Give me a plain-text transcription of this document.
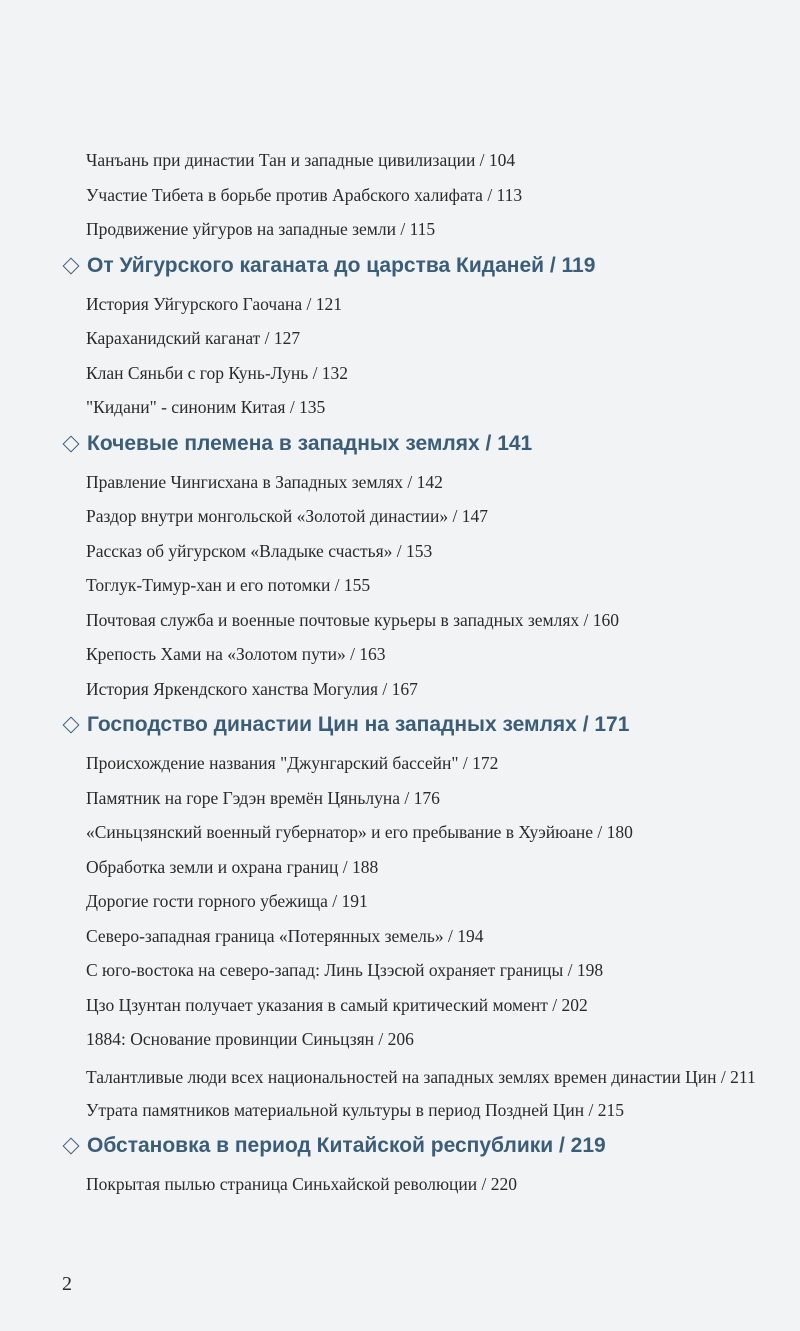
Чанъань при династии Тан и западные цивилизации / 104
Участие Тибета в борьбе против Арабского халифата / 113
Продвижение уйгуров на западные земли / 115
От Уйгурского каганата до царства Киданей / 119
История Уйгурского Гаочана / 121
Караханидский каганат / 127
Клан Сяньби с гор Кунь-Лунь / 132
"Кидани" - синоним Китая / 135
Кочевые племена в западных землях / 141
Правление Чингисхана в Западных землях / 142
Раздор внутри монгольской «Золотой династии» / 147
Рассказ об уйгурском «Владыке счастья» / 153
Тоглук-Тимур-хан и его потомки / 155
Почтовая служба и военные почтовые курьеры в западных землях / 160
Крепость Хами на «Золотом пути» / 163
История Яркендского ханства Могулия / 167
Господство династии Цин на западных землях / 171
Происхождение названия "Джунгарский бассейн" / 172
Памятник на горе Гэдэн времён Цяньлуна / 176
«Синьцзянский военный губернатор» и его пребывание в Хуэйюане / 180
Обработка земли и охрана границ / 188
Дорогие гости горного убежища / 191
Северо-западная граница «Потерянных земель» / 194
С юго-востока на северо-запад: Линь Цзэсюй охраняет границы / 198
Цзо Цзунтан получает указания в самый критический момент / 202
1884: Основание провинции Синьцзян / 206
Талантливые люди всех национальностей на западных землях времен династии Цин / 211
Утрата памятников материальной культуры в период Поздней Цин / 215
Обстановка в период Китайской республики / 219
Покрытая пылью страница Синьхайской революции / 220
2
